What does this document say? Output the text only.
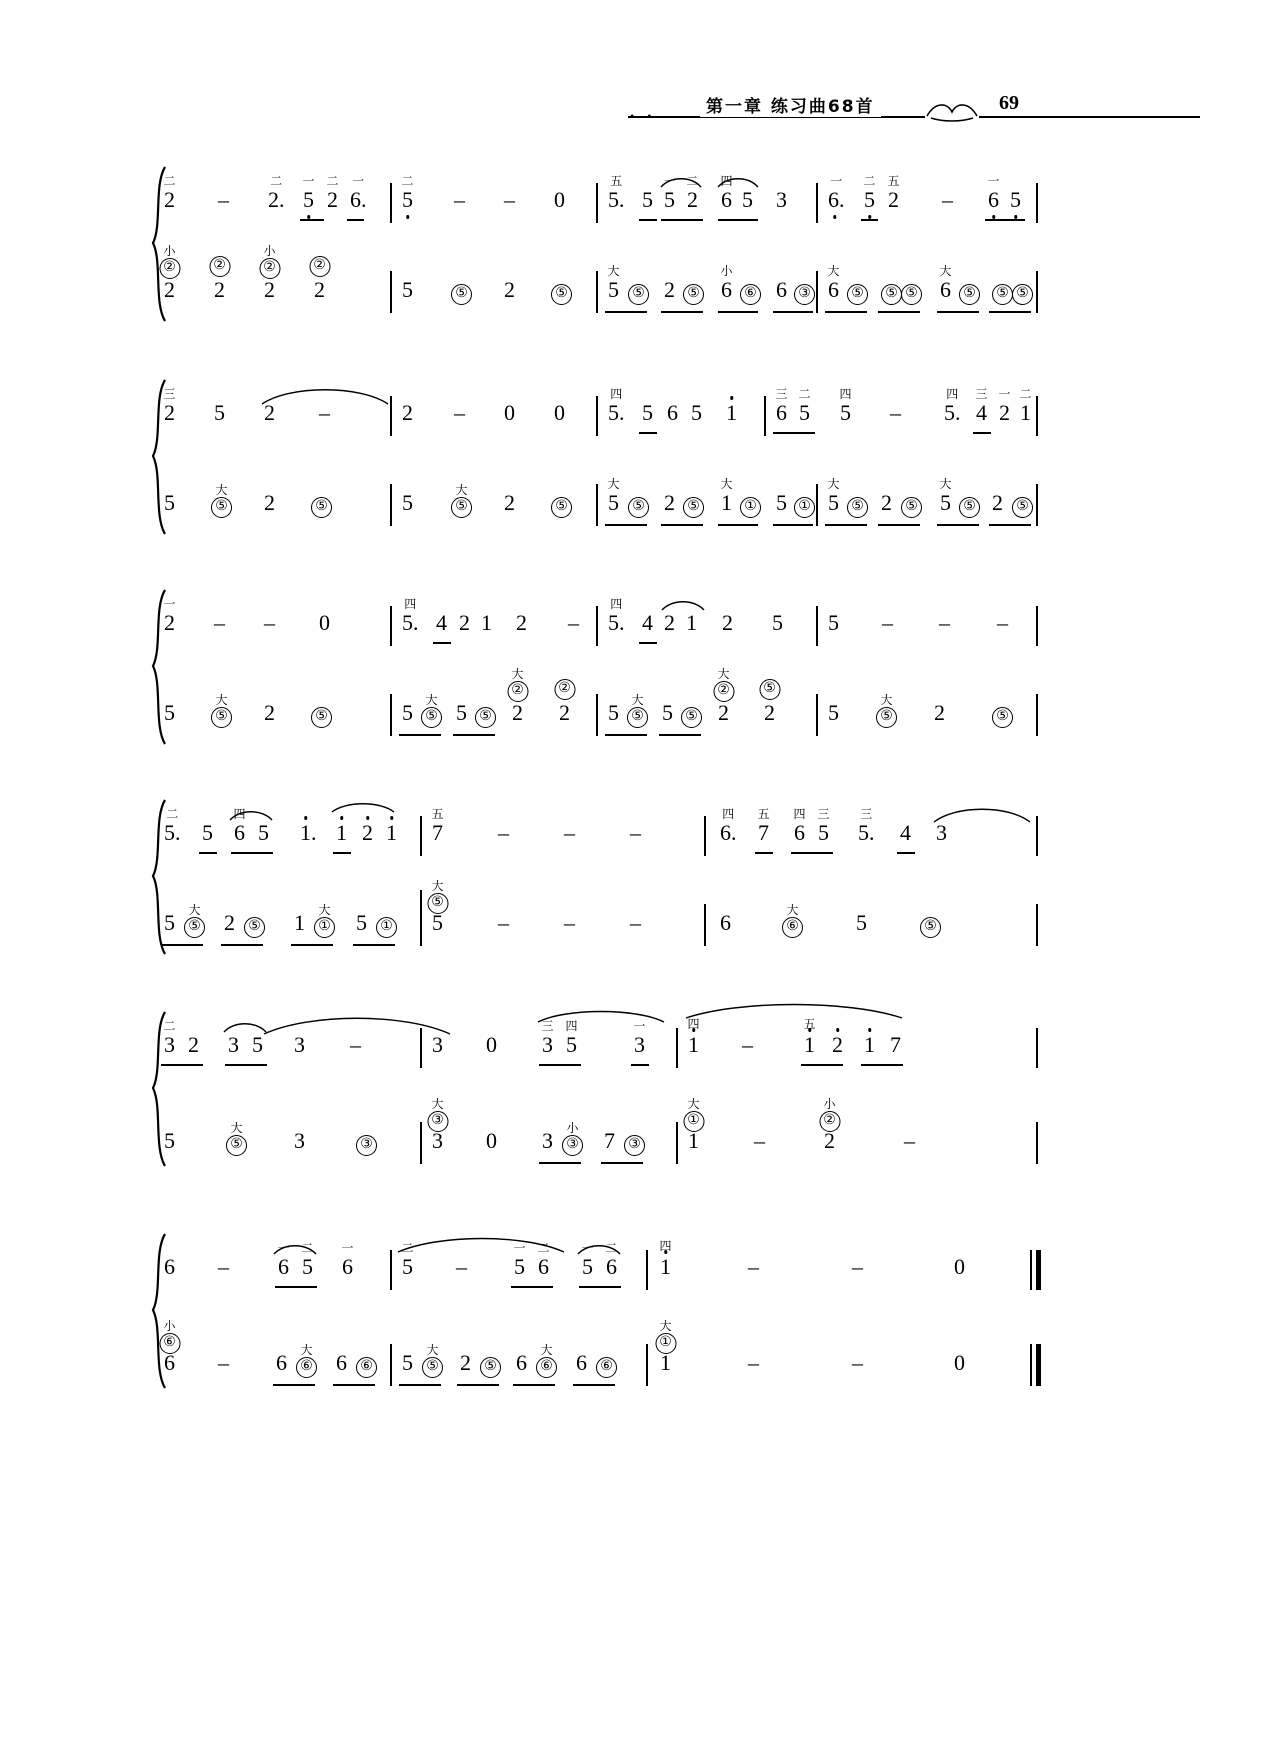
• •	第一章 练习曲68首	69
2
二
– 2.
二
5
一
2
二
6.
一
5
二
– – 0 5.
五
5 5
一
2
二
6
四
5 3 6.
一
5
二
2
五
– 6
一
5
2
小
②
2
②
2
小
②
2
②
5	⑤ 2	⑤ 5
大
⑤ 2 ⑤ 6
小
⑥ 6 ③ 6
大
⑤	⑤ ⑤ 6
大
⑤	⑤ ⑤
2
三
5 2 –	2 – 0 0 5.
四
5 6 5 1 6
三
5
二
5
四
– 5.
四
4
三
2
一
1
二
5	⑤
大 2	⑤	5	⑤
大 2	⑤ 5
大
⑤ 2 ⑤ 1
大
① 5 ① 5
大
⑤ 2 ⑤ 5
大
⑤ 2 ⑤
2
一
– – 0	5.
四
4 2 1 2 – 5.
四
4 2 1 2 5 5 – – –
5	⑤
大 2	⑤	5 ⑤
大 5 ⑤ 2
大
②
2
②
5 ⑤
大 5 ⑤ 2
大
②
2
⑤
5	⑤
大 2	⑤
5.
二
5 6
四
5 1. 1 2 1 7
五
–	–	–	6.
四
7
五
6
四
5
三
5.
三
4 3
5 ⑤
大 2 ⑤ 1 ①
大 5 ① 5
大
⑤
–	–	–	6	⑥
大	5	⑤
3
二
2 3 5 3 –	3 0 3
三
5
四
3
一
1
四
– 1
五
2 1 7
5	⑤
大 3	③	3
大
③
0 3 ③
小 7 ③ 1
大
①
–	2
小
②
–
6 – 6
一
5
二
6
一
5
二
– 5
一
6
二
5
一
6
二
1
四
–	–	0
6
小
⑥
– 6 ⑥
大 6 ⑥ 5 ⑤
大 2 ⑤ 6 ⑥
大 6 ⑥ 1
大
①
–	–	0
